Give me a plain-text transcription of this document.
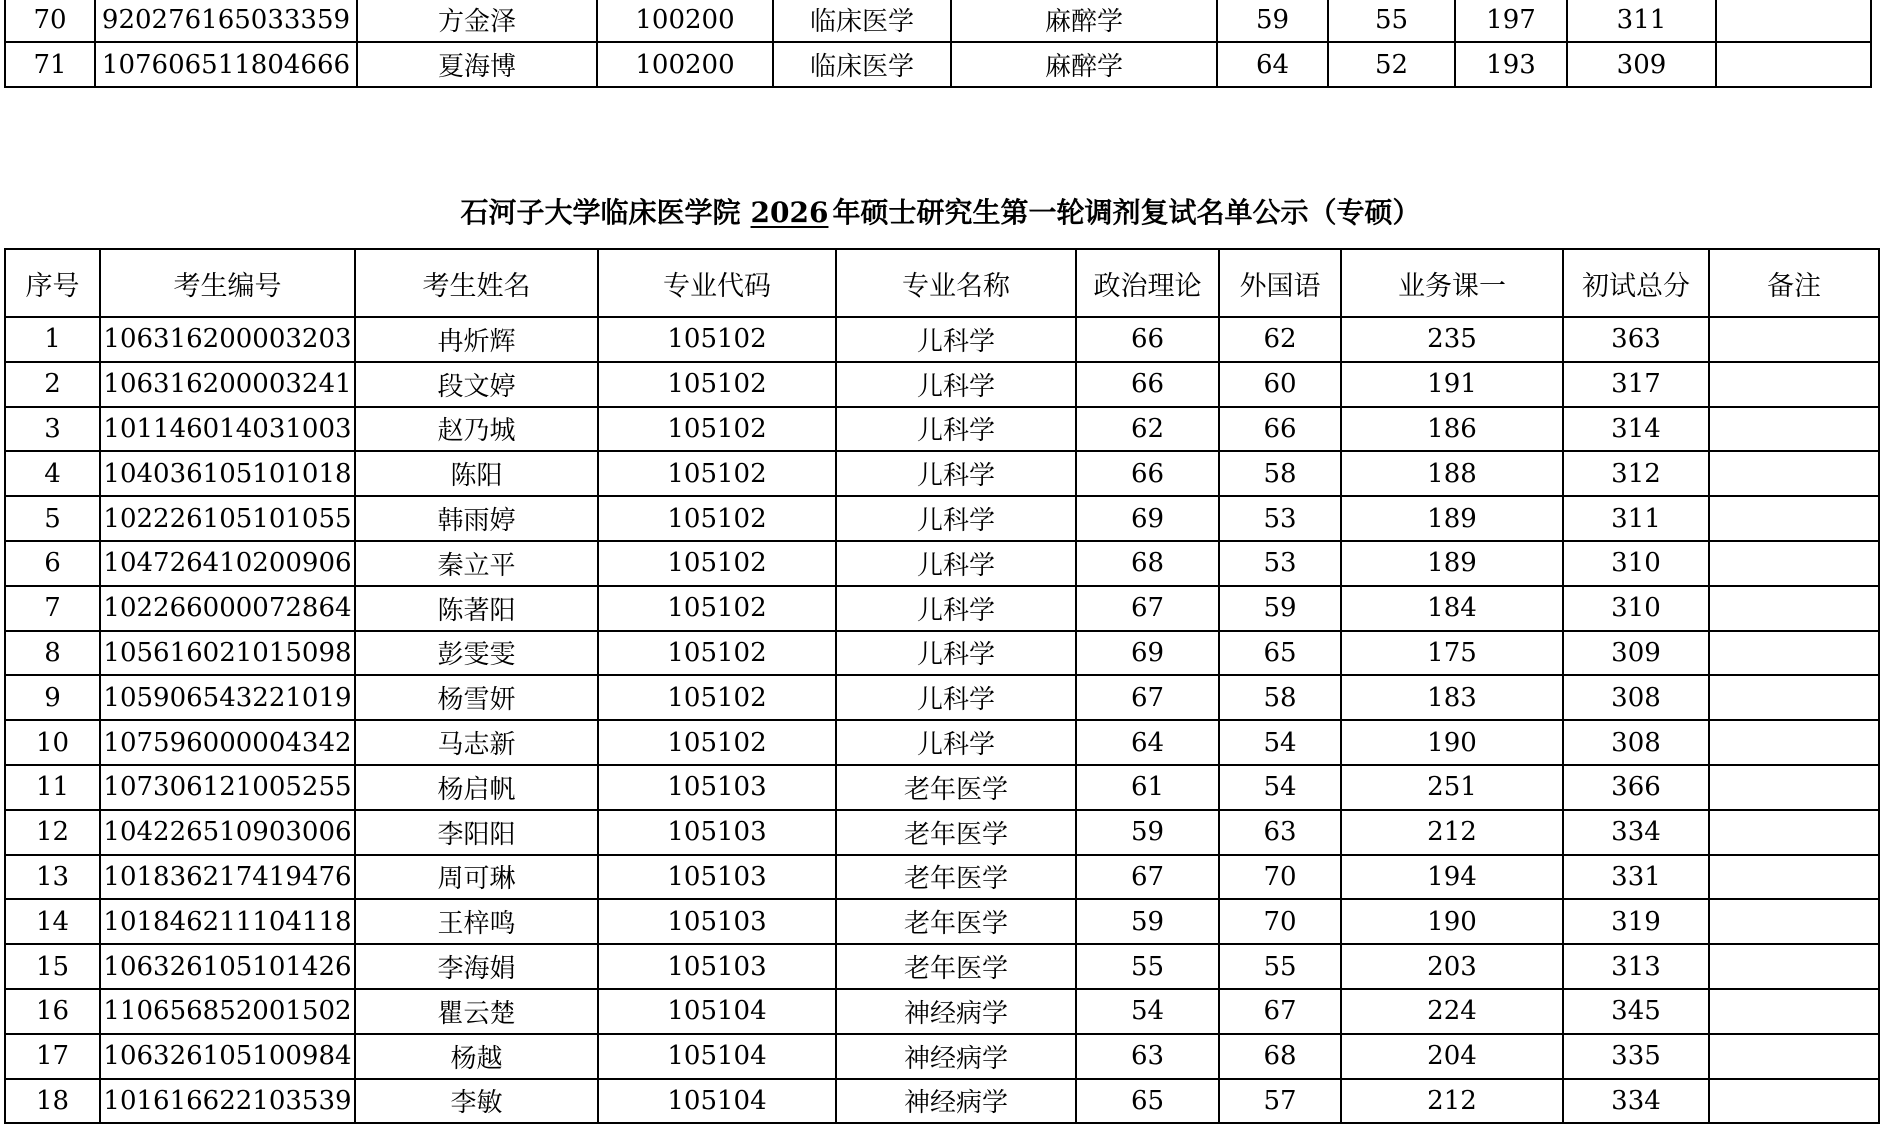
70	920276165033359	方金泽	100200	临床医学	麻醉学	59	55	197	311	
71	107606511804666	夏海博	100200	临床医学	麻醉学	64	52	193	309	
石河子大学临床医学院 2026 年硕士研究生第一轮调剂复试名单公示（专硕）
序号	考生编号	考生姓名	专业代码	专业名称	政治理论	外国语	业务课一	初试总分	备注
1	106316200003203	冉炘辉	105102	儿科学	66	62	235	363	
2	106316200003241	段文婷	105102	儿科学	66	60	191	317	
3	101146014031003	赵乃城	105102	儿科学	62	66	186	314	
4	104036105101018	陈阳	105102	儿科学	66	58	188	312	
5	102226105101055	韩雨婷	105102	儿科学	69	53	189	311	
6	104726410200906	秦立平	105102	儿科学	68	53	189	310	
7	102266000072864	陈著阳	105102	儿科学	67	59	184	310	
8	105616021015098	彭雯雯	105102	儿科学	69	65	175	309	
9	105906543221019	杨雪妍	105102	儿科学	67	58	183	308	
10	107596000004342	马志新	105102	儿科学	64	54	190	308	
11	107306121005255	杨启帆	105103	老年医学	61	54	251	366	
12	104226510903006	李阳阳	105103	老年医学	59	63	212	334	
13	101836217419476	周可琳	105103	老年医学	67	70	194	331	
14	101846211104118	王梓鸣	105103	老年医学	59	70	190	319	
15	106326105101426	李海娟	105103	老年医学	55	55	203	313	
16	110656852001502	瞿云楚	105104	神经病学	54	67	224	345	
17	106326105100984	杨越	105104	神经病学	63	68	204	335	
18	101616622103539	李敏	105104	神经病学	65	57	212	334	
